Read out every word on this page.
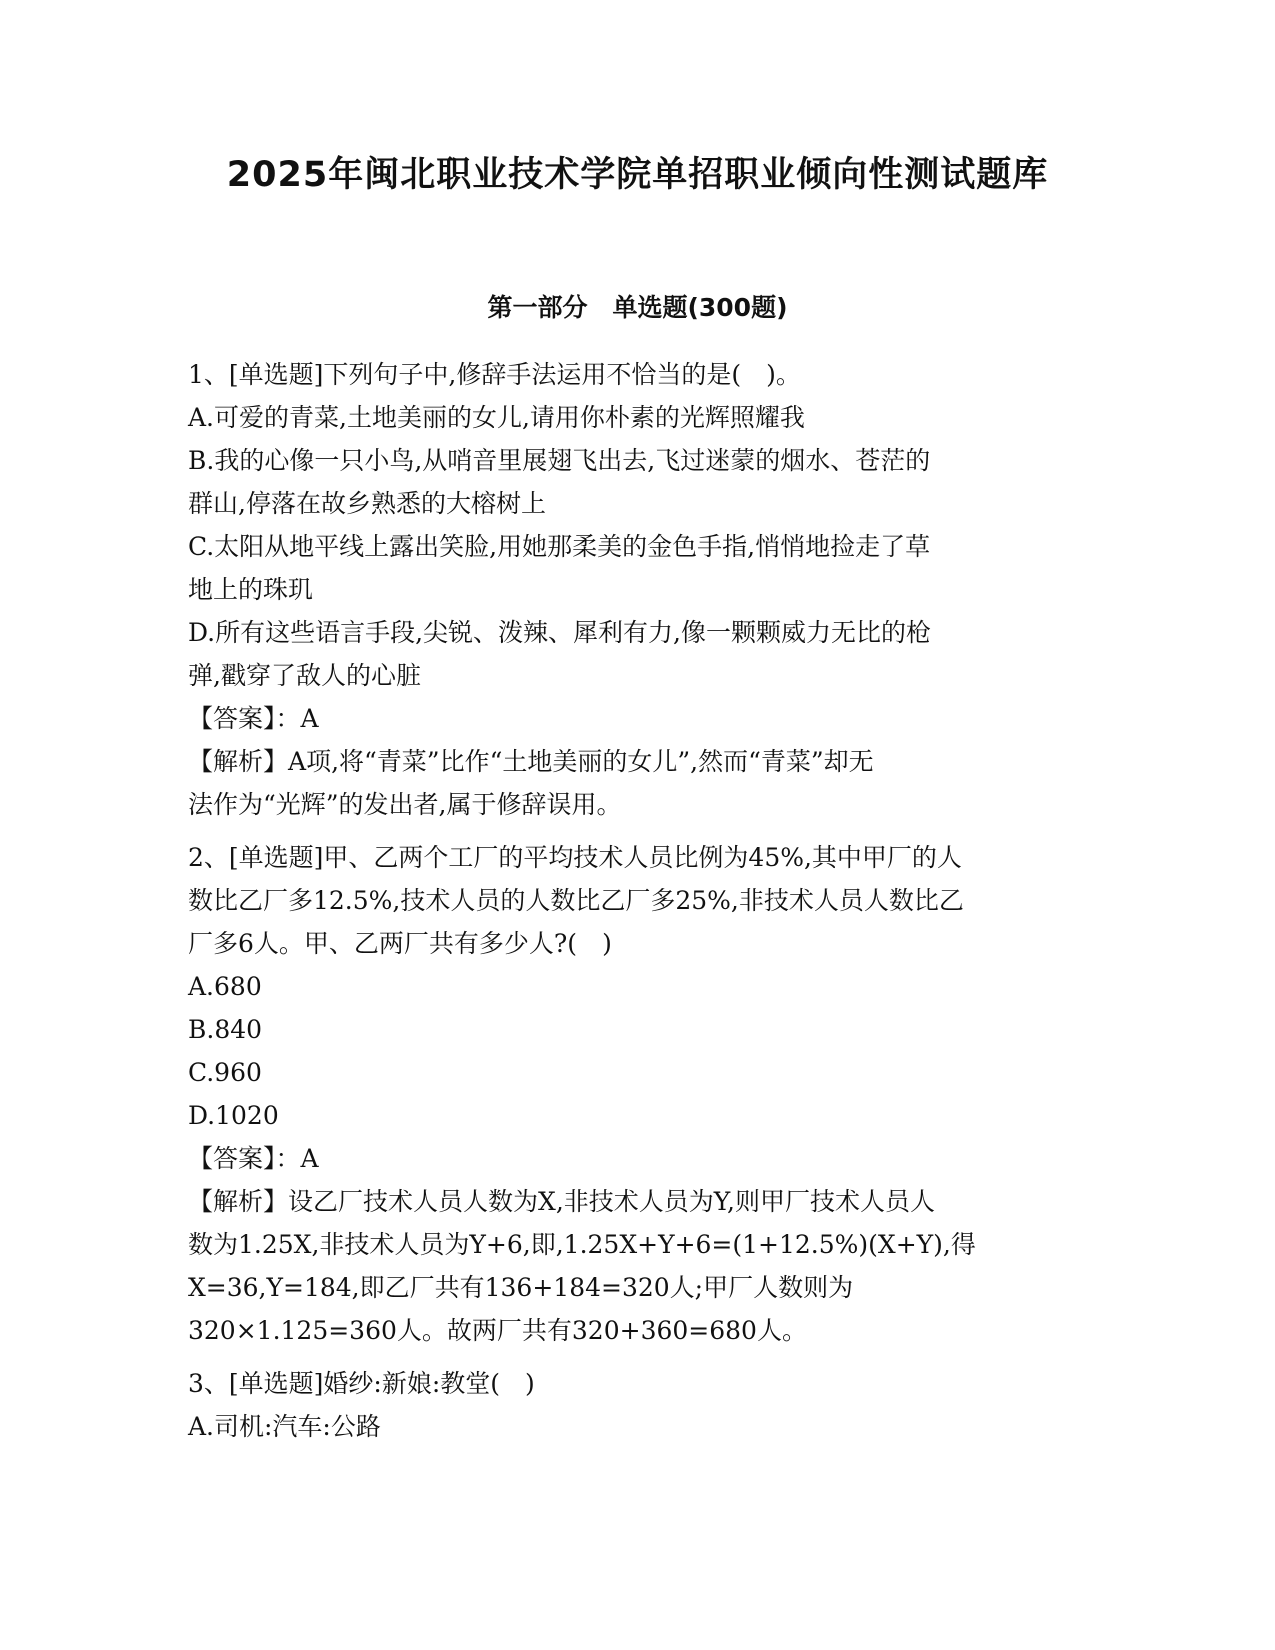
2025年闽北职业技术学院单招职业倾向性测试题库
第一部分　单选题(300题)
1、[单选题]下列句子中,修辞手法运用不恰当的是(　)。
A.可爱的青菜,土地美丽的女儿,请用你朴素的光辉照耀我
B.我的心像一只小鸟,从哨音里展翅飞出去,飞过迷蒙的烟水、苍茫的
群山,停落在故乡熟悉的大榕树上
C.太阳从地平线上露出笑脸,用她那柔美的金色手指,悄悄地捡走了草
地上的珠玑
D.所有这些语言手段,尖锐、泼辣、犀利有力,像一颗颗威力无比的枪
弹,戳穿了敌人的心脏
【答案】：A
【解析】A项,将“青菜”比作“土地美丽的女儿”,然而“青菜”却无
法作为“光辉”的发出者,属于修辞误用。
2、[单选题]甲、乙两个工厂的平均技术人员比例为45%,其中甲厂的人
数比乙厂多12.5%,技术人员的人数比乙厂多25%,非技术人员人数比乙
厂多6人。甲、乙两厂共有多少人?(　)
A.680
B.840
C.960
D.1020
【答案】：A
【解析】设乙厂技术人员人数为X,非技术人员为Y,则甲厂技术人员人
数为1.25X,非技术人员为Y+6,即,1.25X+Y+6=(1+12.5%)(X+Y),得
X=36,Y=184,即乙厂共有136+184=320人;甲厂人数则为
320×1.125=360人。故两厂共有320+360=680人。
3、[单选题]婚纱:新娘:教堂(　)
A.司机:汽车:公路
